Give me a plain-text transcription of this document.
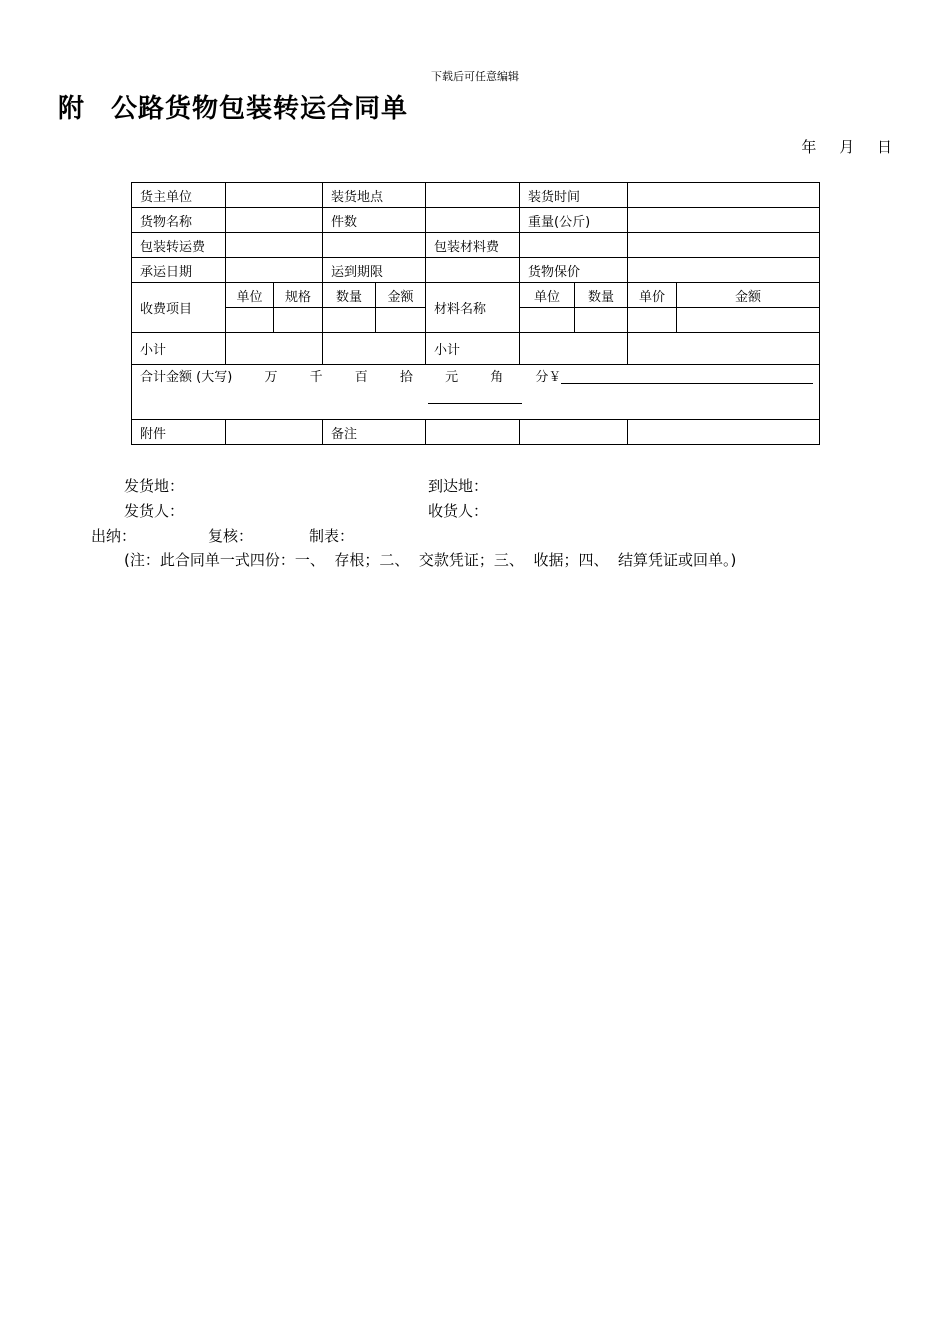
下载后可任意编辑
附 公路货物包装转运合同单
年 月 日
货主单位			装货地点			装货时间			
货物名称			件数			重量(公斤)			
包装转运费					包装材料费				
承运日期			运到期限			货物保价			
收费项目	单位	规格	数量	金额	材料名称	单位	数量	单价	金额

小计					小计				

合计金额 (大写) 万 千 百 拾 元 角 分￥									

附件			备注						
发货地：	到达地：
发货人：	收货人：
出纳：	复核：	制表：
(注：此合同单一式四份：一、  存根；二、  交款凭证；三、  收据；四、  结算凭证或回单。)
